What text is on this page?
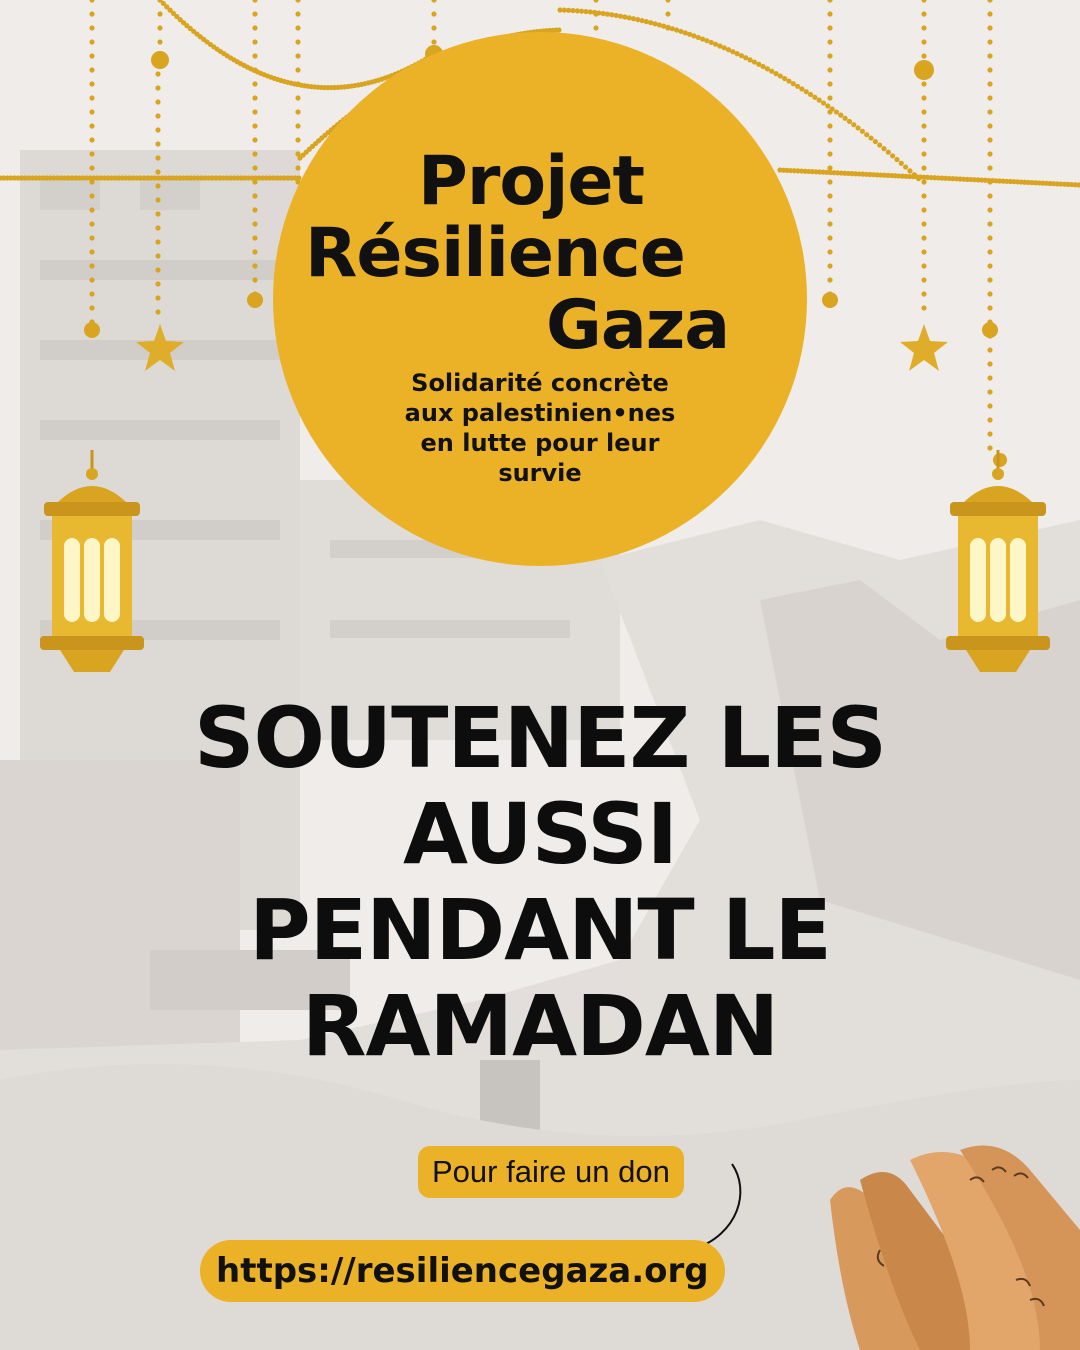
Projet
Résilience
Gaza
Solidarité concrète
aux palestinien•nes
en lutte pour leur
survie
SOUTENEZ LES
AUSSI
PENDANT LE
RAMADAN
Pour faire un don
https://resiliencegaza.org
